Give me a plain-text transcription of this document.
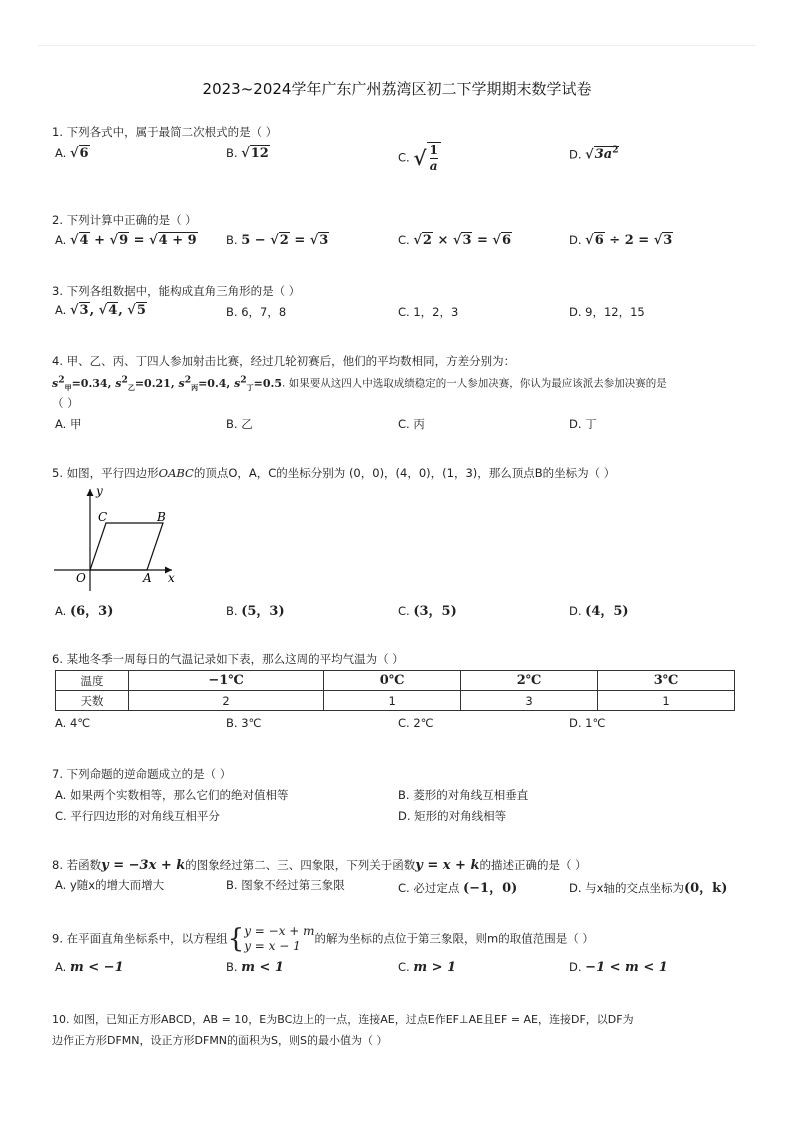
2023~2024学年广东广州荔湾区初二下学期期末数学试卷
1. 下列各式中，属于最简二次根式的是（ ）
A. √6	B. √12	C. √ $\frac{1}{a}$	D. $√3a^2$
2. 下列计算中正确的是（ ）
A. √4 + √9 = √4 + 9	B. 5 − √2 = √3	C. √2 × √3 = √6	D. √6 ÷ 2 = √3
3. 下列各组数据中，能构成直角三角形的是（ ）
A. √3, √4, √5	B. 6，7，8	C. 1，2，3	D. 9，12，15
4. 甲、乙、丙、丁四人参加射击比赛，经过几轮初赛后，他们的平均数相同，方差分别为：
$s^2_甲=0.34$, $s^2_乙=0.21$, $s^2_丙=0.4$, $s^2_丁=0.5$. 如果要从这四人中选取成绩稳定的一人参加决赛，你认为最应该派去参加决赛的是
（ ）
A. 甲	B. 乙	C. 丙	D. 丁
5. 如图，平行四边形OABC的顶点O，A，C的坐标分别为 (0，0)，(4，0)，(1，3)，那么顶点B的坐标为（ ）
y
x
O	A
B
C
A. (6，3)	B. (5，3)	C. (3，5)	D. (4，5)
6. 某地冬季一周每日的气温记录如下表，那么这周的平均气温为（ ）
温度	−1℃	0℃	2℃	3℃
天数	2	1	3	1
A. 4℃	B. 3℃	C. 2℃	D. 1℃
7. 下列命题的逆命题成立的是（ ）
A. 如果两个实数相等，那么它们的绝对值相等	B. 菱形的对角线互相垂直
C. 平行四边形的对角线互相平分	D. 矩形的对角线相等
8. 若函数y = −3x + k的图象经过第二、三、四象限，下列关于函数y = x + k的描述正确的是（ ）
A. y随x的增大而增大	B. 图象不经过第三象限	C. 必过定点 (−1，0)	D. 与x轴的交点坐标为(0，k)
9. 在平面直角坐标系中，以方程组{ y = −x + m
y = x − 1
的解为坐标的点位于第三象限，则m的取值范围是（ ）
A. m < −1	B. m < 1	C. m > 1	D. −1 < m < 1
10. 如图，已知正方形ABCD，AB = 10，E为BC边上的一点，连接AE，过点E作EF⊥AE且EF = AE，连接DF，以DF为
边作正方形DFMN，设正方形DFMN的面积为S，则S的最小值为（ ）
